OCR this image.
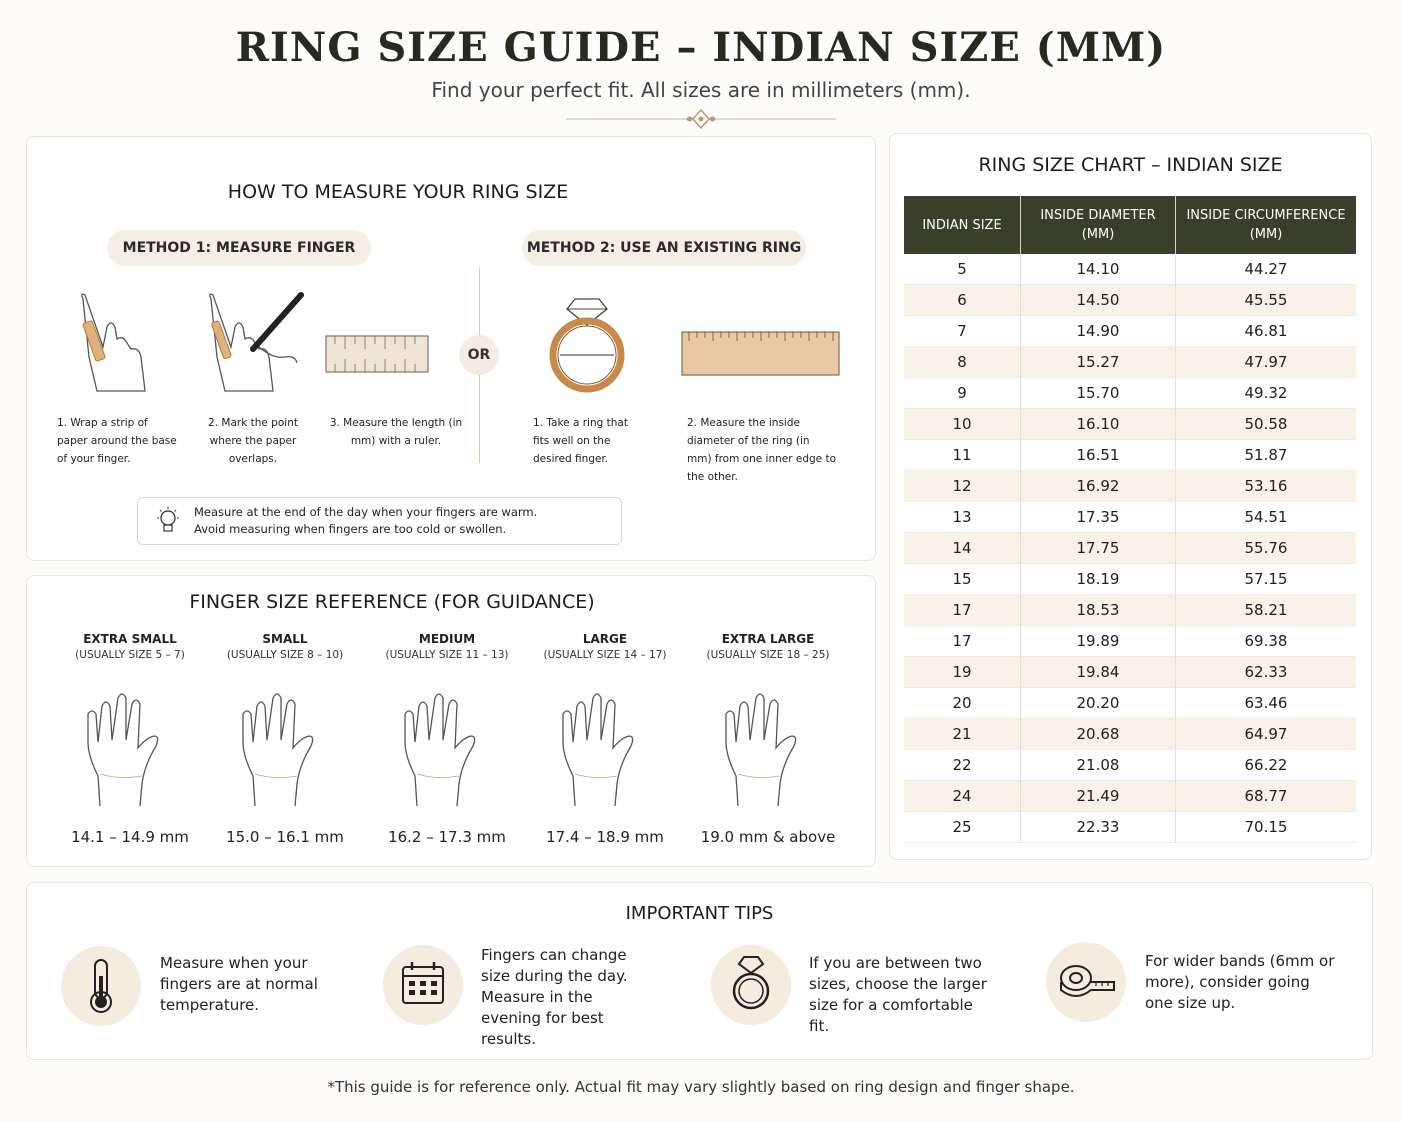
RING SIZE GUIDE – INDIAN SIZE (MM)
Find your perfect fit. All sizes are in millimeters (mm).
HOW TO MEASURE YOUR RING SIZE
METHOD 1: MEASURE FINGER	METHOD 2: USE AN EXISTING RING
1. Wrap a strip of paper around the base of your finger.
2. Mark the point where the paper overlaps.
3. Measure the length (in mm) with a ruler.
OR
1. Take a ring that fits well on the desired finger.
2. Measure the inside diameter of the ring (in mm) from one inner edge to the other.
Measure at the end of the day when your fingers are warm.
Avoid measuring when fingers are too cold or swollen.
FINGER SIZE REFERENCE (FOR GUIDANCE)
EXTRA SMALL
(USUALLY SIZE 5 – 7)
14.1 – 14.9 mm
SMALL
(USUALLY SIZE 8 – 10)
15.0 – 16.1 mm
MEDIUM
(USUALLY SIZE 11 – 13)
16.2 – 17.3 mm
LARGE
(USUALLY SIZE 14 – 17)
17.4 – 18.9 mm
EXTRA LARGE
(USUALLY SIZE 18 – 25)
19.0 mm & above
RING SIZE CHART – INDIAN SIZE
INDIAN SIZE	INSIDE DIAMETER (MM)	INSIDE CIRCUMFERENCE (MM)
5	14.10	44.27
6	14.50	45.55
7	14.90	46.81
8	15.27	47.97
9	15.70	49.32
10	16.10	50.58
11	16.51	51.87
12	16.92	53.16
13	17.35	54.51
14	17.75	55.76
15	18.19	57.15
17	18.53	58.21
17	19.89	69.38
19	19.84	62.33
20	20.20	63.46
21	20.68	64.97
22	21.08	66.22
24	21.49	68.77
25	22.33	70.15
IMPORTANT TIPS
Measure when your fingers are at normal temperature.
Fingers can change size during the day. Measure in the evening for best results.
If you are between two sizes, choose the larger size for a comfortable fit.
For wider bands (6mm or more), consider going one size up.
*This guide is for reference only. Actual fit may vary slightly based on ring design and finger shape.
